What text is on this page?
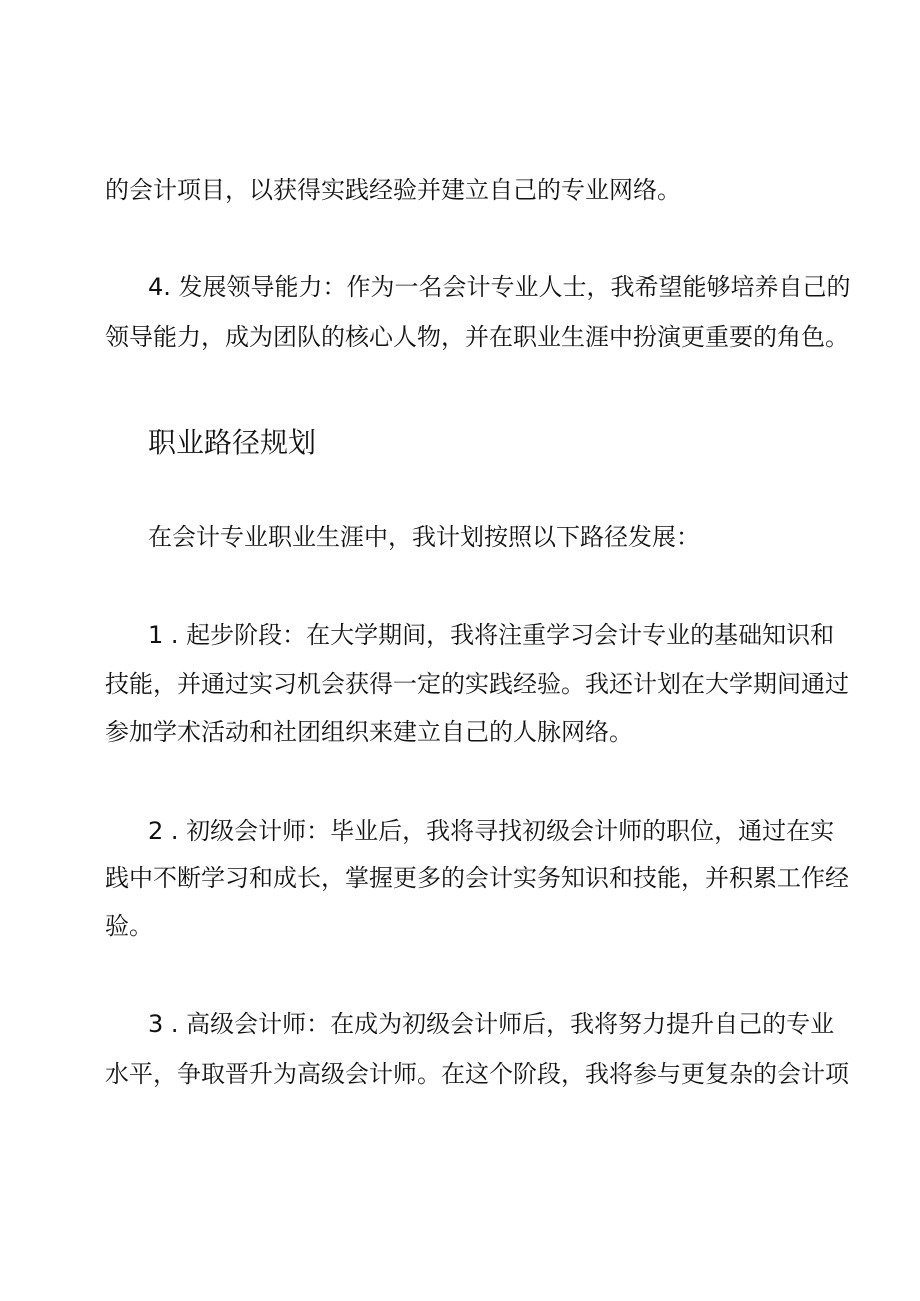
的会计项目，以获得实践经验并建立自己的专业网络。
4. 发展领导能力：作为一名会计专业人士，我希望能够培养自己的
领导能力，成为团队的核心人物，并在职业生涯中扮演更重要的角色。
职业路径规划
在会计专业职业生涯中，我计划按照以下路径发展：
1 . 起步阶段：在大学期间，我将注重学习会计专业的基础知识和
技能，并通过实习机会获得一定的实践经验。我还计划在大学期间通过
参加学术活动和社团组织来建立自己的人脉网络。
2 . 初级会计师：毕业后，我将寻找初级会计师的职位，通过在实
践中不断学习和成长，掌握更多的会计实务知识和技能，并积累工作经
验。
3 . 高级会计师：在成为初级会计师后，我将努力提升自己的专业
水平，争取晋升为高级会计师。在这个阶段，我将参与更复杂的会计项
